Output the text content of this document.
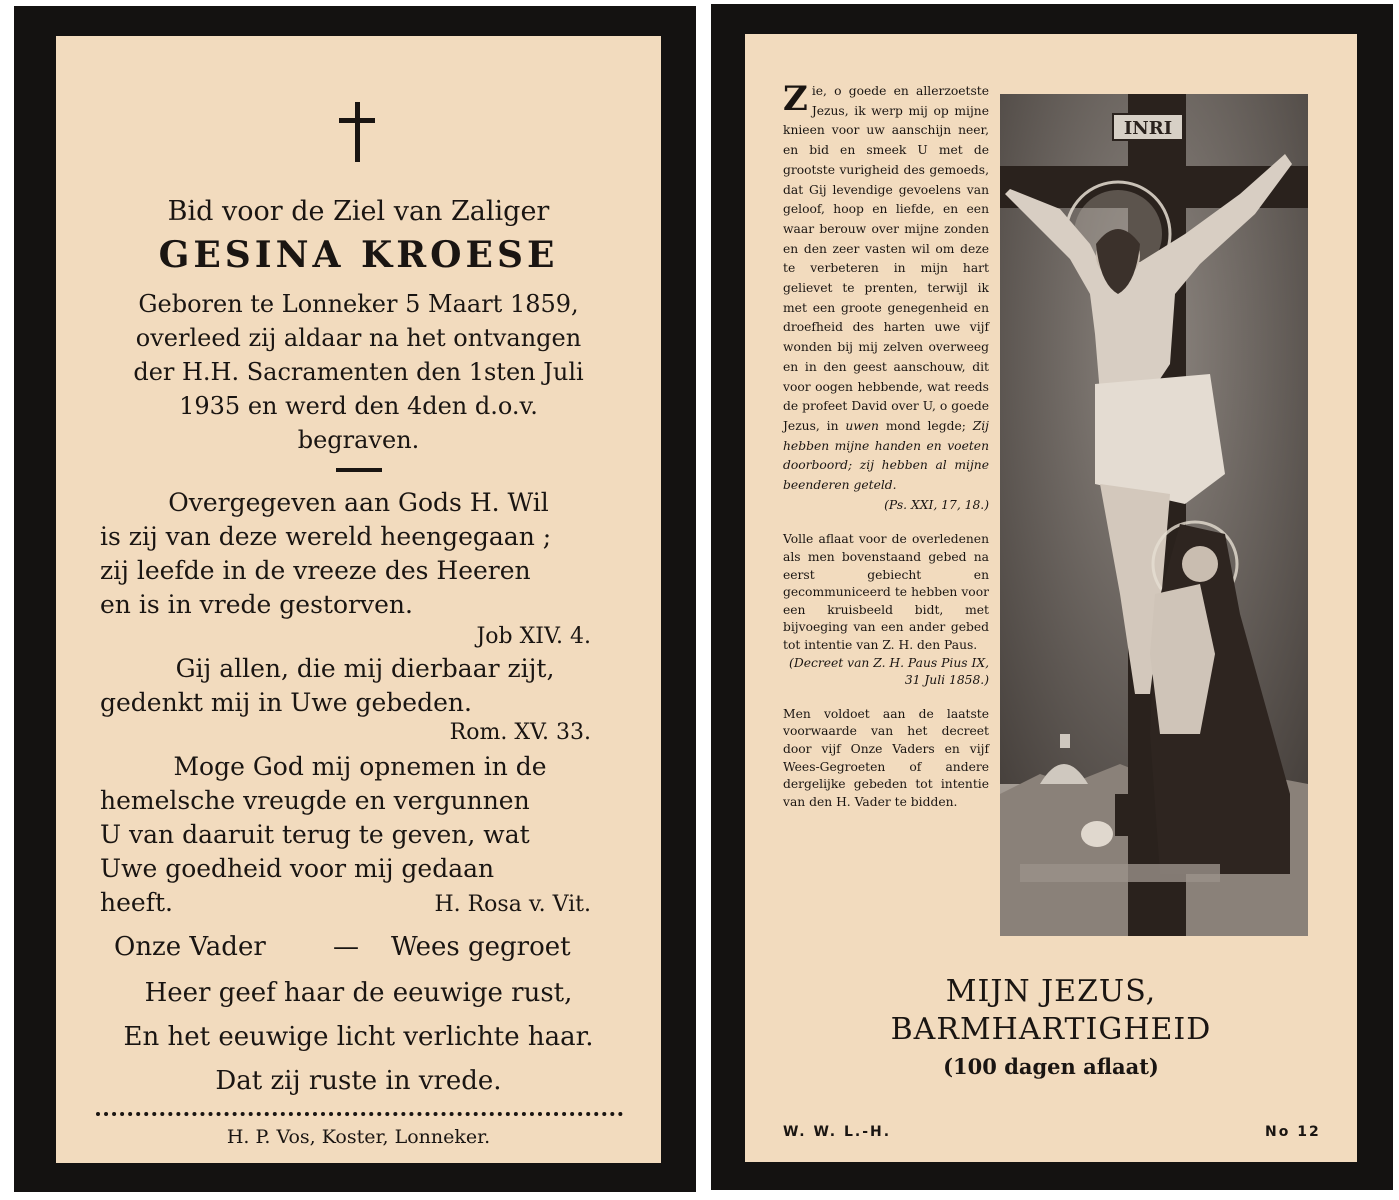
Bid voor de Ziel van Zaliger
GESINA KROESE
Geboren te Lonneker 5 Maart 1859,
overleed zij aldaar na het ontvangen
der H.H. Sacramenten den 1sten Juli
1935 en werd den 4den d.o.v.
begraven.
Overgegeven aan Gods H. Wil
is zij van deze wereld heengegaan ;
zij leefde in de vreeze des Heeren
en is in vrede gestorven.
Job XIV. 4.
Gij allen, die mij dierbaar zijt,
gedenkt mij in Uwe gebeden.
Rom. XV. 33.
Moge God mij opnemen in de
hemelsche vreugde en vergunnen
U van daaruit terug te geven, wat
Uwe goedheid voor mij gedaan
heeft.	H. Rosa v. Vit.
Onze Vader	— Wees gegroet
Heer geef haar de eeuwige rust,
En het eeuwige licht verlichte haar.
Dat zij ruste in vrede.
H. P. Vos, Koster, Lonneker.

Zie, o goede en allerzoetste Jezus, ik werp mij op mijne knieen voor uw aanschijn neer, en bid en smeek U met de grootste vurigheid des gemoeds, dat Gij levendige gevoelens van geloof, hoop en liefde, en een waar berouw over mijne zonden en den zeer vasten wil om deze te verbeteren in mijn hart gelievet te prenten, terwijl ik met een groote genegenheid en droefheid des harten uwe vijf wonden bij mij zelven overweeg en in den geest aanschouw, dit voor oogen hebbende, wat reeds de profeet David over U, o goede Jezus, in uwen mond legde; Zij hebben mijne handen en voeten doorboord; zij hebben al mijne beenderen geteld.

(Ps. XXI, 17, 18.)

Volle aflaat voor de overledenen als men bovenstaand gebed na eerst gebiecht en gecommuniceerd te hebben voor een kruisbeeld bidt, met bijvoeging van een ander gebed tot intentie van Z. H. den Paus.

(Decreet van Z. H. Paus Pius IX, 31 Juli 1858.)

Men voldoet aan de laatste voorwaarde van het decreet door vijf Onze Vaders en vijf Wees-Gegroeten of andere dergelijke gebeden tot intentie van den H. Vader te bidden.

INRI
MIJN JEZUS,
BARMHARTIGHEID
(100 dagen aflaat)
W. W. L.-H.	No 12
